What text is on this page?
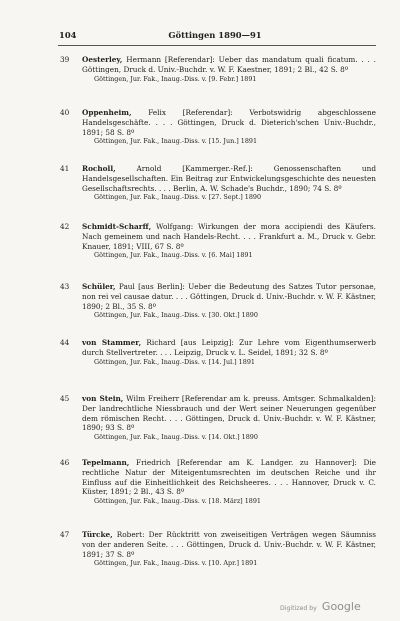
104	Göttingen 1890—91
39	Oesterley, Hermann [Referendar]: Ueber das mandatum quali ficatum. . . . Göttingen, Druck d. Univ.-Buchdr. v. W. F. Kaestner, 1891; 2 Bl., 42 S. 8º
Göttingen, Jur. Fak., Inaug.-Diss. v. [9. Febr.] 1891
40	Oppenheim, Felix [Referendar]: Verbotswidrig abgeschlossene Handelsgeschäfte. . . . Göttingen, Druck d. Dieterich'schen Univ.-Buchdr., 1891; 58 S. 8º
Göttingen, Jur. Fak., Inaug.-Diss. v. [15. Jun.] 1891
41	Rocholl,	Arnold [Kammerger.-Ref.]: Genossenschaften und Handelsgesellschaften. Ein Beitrag zur Entwickelungsgeschichte des neuesten Gesellschaftsrechts. . . . Berlin, A. W. Schade's Buchdr., 1890; 74 S. 8º
Göttingen, Jur. Fak., Inaug.-Diss. v. [27. Sept.] 1890
42	Schmidt-Scharff, Wolfgang: Wirkungen der mora accipiendi des Käufers. Nach gemeinem und nach Handels-Recht. . . . Frankfurt a. M., Druck v. Gebr. Knauer, 1891; VIII, 67 S. 8º
Göttingen, Jur. Fak., Inaug.-Diss. v. [6. Mai] 1891
43	Schüler, Paul [aus Berlin]: Ueber die Bedeutung des Satzes Tutor personae, non rei vel causae datur. . . . Göttingen, Druck d. Univ.-Buchdr. v. W. F. Kästner, 1890; 2 Bl., 35 S. 8º
Göttingen, Jur. Fak., Inaug.-Diss. v. [30. Okt.] 1890
44	von Stammer, Richard [aus Leipzig]: Zur Lehre vom Eigenthumserwerb durch Stellvertreter. . . . Leipzig, Druck v. L. Seidel, 1891; 32 S. 8º
Göttingen, Jur. Fak., Inaug.-Diss. v. [14. Jul.] 1891
45	von Stein, Wilm Freiherr [Referendar am k. preuss. Amtsger. Schmalkalden]: Der landrechtliche Niessbrauch und der Wert seiner Neuerungen gegenüber dem römischen Recht. . . . Göttingen, Druck d. Univ.-Buchdr. v. W. F. Kästner, 1890; 93 S. 8º
Göttingen, Jur. Fak., Inaug.-Diss. v. [14. Okt.] 1890
46	Tepelmann, Friedrich [Referendar am K. Landger. zu Hannover]: Die rechtliche Natur der Miteigentumsrechten im deutschen Reiche und ihr Einfluss auf die Einheitlichkeit des Reichsheeres. . . . Hannover, Druck v. C. Küster, 1891; 2 Bl., 43 S. 8º
Göttingen, Jur. Fak., Inaug.-Diss. v. [18. März] 1891
47	Türcke, Robert: Der Rücktritt von zweiseitigen Verträgen wegen Säumniss von der anderen Seite. . . . Göttingen, Druck d. Univ.-Buchdr. v. W. F. Kästner, 1891; 37 S. 8º
Göttingen, Jur. Fak., Inaug.-Diss. v. [10. Apr.] 1891
Digitized by Google
